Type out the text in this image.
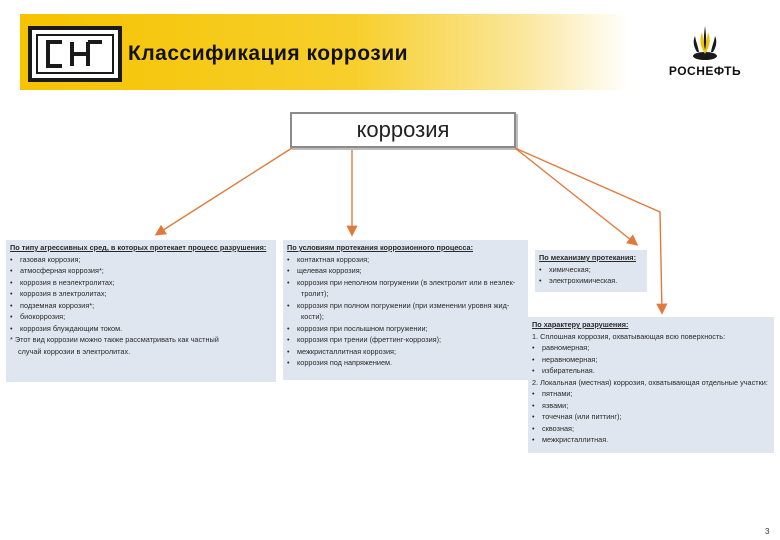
Классификация коррозии
РОСНЕФТЬ
коррозия
По типу агрессивных сред, в которых протекает процесс разрушения:
• газовая коррозия;
• атмосферная коррозия*;
• коррозия в неэлектролитах;
• коррозия в электролитах;
• подземная коррозия*;
• биокоррозия;
• коррозия блуждающим током.
* Этот вид коррозии можно также рассматривать как частный
случай коррозии в электролитах.
По условиям протекания коррозионного процесса:
• контактная коррозия;
• щелевая коррозия;
• коррозия при неполном погружении (в электролит или в неэлек-
тролит);
• коррозия при полном погружении (при изменении уровня жид-
кости);
• коррозия при послышном погружении;
• коррозия при трении (фреттинг-коррозия);
• межкристаллитная коррозия;
• коррозия под напряжением.
По механизму протекания:
• химическая;
• электрохимическая.
По характеру разрушения:
1. Сплошная коррозия, охватывающая всю поверхность:
• равномерная;
• неравномерная;
• избирательная.
2. Локальная (местная) коррозия, охватывающая отдельные участки:
• пятнами;
• язвами;
• точечная (или питтинг);
• сквозная;
• межкристаллитная.
3
